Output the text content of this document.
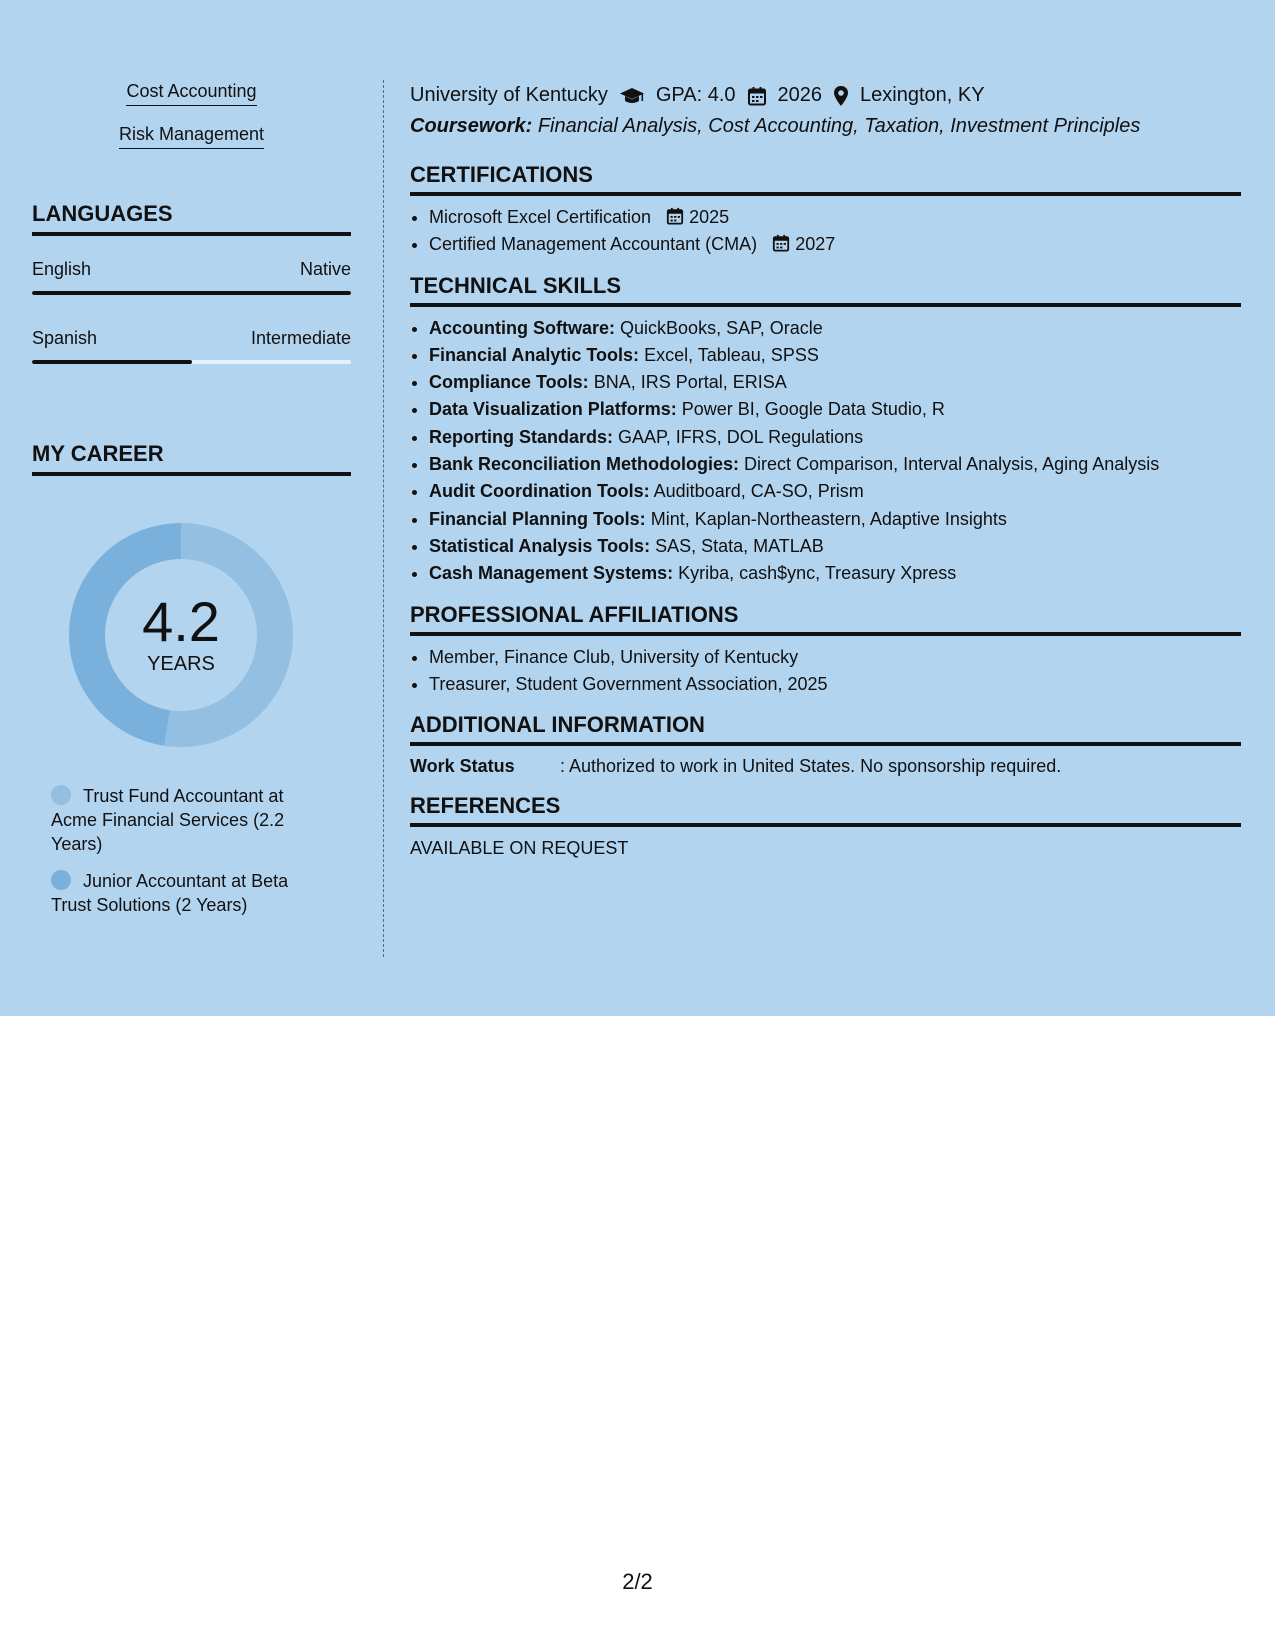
Cost Accounting
Risk Management
LANGUAGES
English	Native
Spanish	Intermediate
MY CAREER
4.2
YEARS
Trust Fund Accountant at Acme Financial Services (2.2 Years)
Junior Accountant at Beta Trust Solutions (2 Years)
University of Kentucky GPA: 4.0 2026 Lexington, KY
Coursework: Financial Analysis, Cost Accounting, Taxation, Investment Principles
CERTIFICATIONS
• Microsoft Excel Certification 2025
• Certified Management Accountant (CMA) 2027
TECHNICAL SKILLS
• Accounting Software: QuickBooks, SAP, Oracle
• Financial Analytic Tools: Excel, Tableau, SPSS
• Compliance Tools: BNA, IRS Portal, ERISA
• Data Visualization Platforms: Power BI, Google Data Studio, R
• Reporting Standards: GAAP, IFRS, DOL Regulations
• Bank Reconciliation Methodologies: Direct Comparison, Interval Analysis, Aging Analysis
• Audit Coordination Tools: Auditboard, CA-SO, Prism
• Financial Planning Tools: Mint, Kaplan-Northeastern, Adaptive Insights
• Statistical Analysis Tools: SAS, Stata, MATLAB
• Cash Management Systems: Kyriba, cash$ync, Treasury Xpress
PROFESSIONAL AFFILIATIONS
• Member, Finance Club, University of Kentucky
• Treasurer, Student Government Association, 2025
ADDITIONAL INFORMATION
Work Status	: Authorized to work in United States. No sponsorship required.
REFERENCES
AVAILABLE ON REQUEST
2/2
